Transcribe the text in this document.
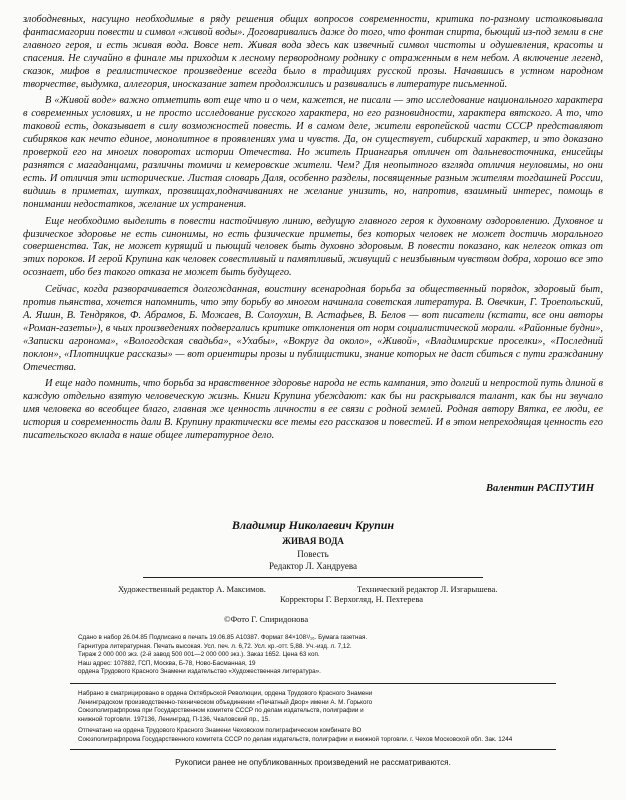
злободневных, насущно необходимые в ряду решения общих вопросов современности, критика по-разному истолковывала фантасмагории повести и символ «живой воды». Договаривались даже до того, что фонтан спирта, бьющий из-под земли в сне главного героя, и есть живая вода. Вовсе нет. Живая вода здесь как извечный символ чистоты и одушевления, красоты и спасения. Не случайно в финале мы приходим к лесному первородному роднику с отраженным в нем небом. А включение легенд, сказок, мифов в реалистическое произведение всегда было в традициях русской прозы. Начавшись в устном народном творчестве, выдумка, аллегория, иносказание затем продолжились и развивались в литературе письменной.

В «Живой воде» важно отметить вот еще что и о чем, кажется, не писали — это исследование национального характера в современных условиях, и не просто исследование русского характера, но его разновидности, характера вятского. А то, что таковой есть, доказывает в силу возможностей повесть. И в самом деле, жители европейской части СССР представляют сибиряков как нечто единое, монолитное в проявлениях ума и чувств. Да, он существует, сибирский характер, и это доказано проверкой его на многих поворотах истории Отечества. Но житель Приангарья отличен от дальневосточника, енисейцы разнятся с магаданцами, различны томичи и кемеровские жители. Чем? Для неопытного взгляда отличия неуловимы, но они есть. И отличия эти исторические. Листая словарь Даля, особенно разделы, посвященные разным жителям тогдашней России, видишь в приметах, шутках, прозвищах,подначиваниях не желание унизить, но, напротив, взаимный интерес, помощь в понимании недостатков, желание их устранения.

Еще необходимо выделить в повести настойчивую линию, ведущую главного героя к духовному оздоровлению. Духовное и физическое здоровье не есть синонимы, но есть физические приметы, без которых человек не может достичь морального совершенства. Так, не может курящий и пьющий человек быть духовно здоровым. В повести показано, как нелегок отказ от этих пороков. И герой Крупина как человек совестливый и памятливый, живущий с неизбывным чувством добра, хорошо все это осознает, ибо без такого отказа не может быть будущего.

Сейчас, когда разворачивается долгожданная, воистину всенародная борьба за общественный порядок, здоровый быт, против пьянства, хочется напомнить, что эту борьбу во многом начинала советская литература. В. Овечкин, Г. Троепольский, А. Яшин, В. Тендряков, Ф. Абрамов, Б. Можаев, В. Солоухин, В. Астафьев, В. Белов — вот писатели (кстати, все они авторы «Роман-газеты»), в чьих произведениях подвергались критике отклонения от норм социалистической морали. «Районные будни», «Записки агронома», «Вологодская свадьба», «Ухабы», «Вокруг да около», «Живой», «Владимирские проселки», «Последний поклон», «Плотницкие рассказы» — вот ориентиры прозы и публицистики, знание которых не даст сбиться с пути гражданину Отечества.

И еще надо помнить, что борьба за нравственное здоровье народа не есть кампания, это долгий и непростой путь длиной в каждую отдельно взятую человеческую жизнь. Книги Крупина убеждают: как бы ни раскрывался талант, как бы ни звучало имя человека во всеобщее благо, главная же ценность личности в ее связи с родной землей. Родная автору Вятка, ее люди, ее история и современность дали В. Крупину практически все темы его рассказов и повестей. И в этом непреходящая ценность его писательского вклада в наше общее литературное дело.

Валентин РАСПУТИН
Владимир Николаевич Крупин
ЖИВАЯ ВОДА
Повесть
Редактор Л. Хандруева
Художественный редактор А. Максимов.	Технический редактор Л. Изгарышева.
Корректоры Г. Верхогляд, Н. Пехтерева
©Фото Г. Спиридонова
Сдано в набор 26.04.85 Подписано в печать 19.06.85 А10387. Формат 84×108¹/₁₆. Бумага газетная.
Гарнитура литературная. Печать высокая. Усл. печ. л. 6,72. Усл. кр.-отт. 5,88. Уч.-изд. л. 7,12.
Тираж 2 000 000 экз. (2-й завод 500 001—2 000 000 экз.). Заказ 1652. Цена 63 коп.
Наш адрес: 107882, ГСП, Москва, Б-78, Ново-Басманная, 19
ордена Трудового Красного Знамени издательство «Художественная литература».
Набрано в сматрицировано в ордена Октябрьской Революции, ордена Трудового Красного Знамени
Ленинградском производственно-техническом объединении «Печатный Двор» имени А. М. Горького
Союзполиграфпрома при Государственном комитете СССР по делам издательств, полиграфии и
книжной торговли. 197136, Ленинград, П-136, Чкаловский пр., 15.
Отпечатано на ордена Трудового Красного Знамени Чеховском полиграфическом комбинате ВО
Союзполиграфпрома Государственного комитета СССР по делам издательств, полиграфии и книжной торговли. г. Чехов Московской обл. Зак. 1244
Рукописи ранее не опубликованных произведений не рассматриваются.
